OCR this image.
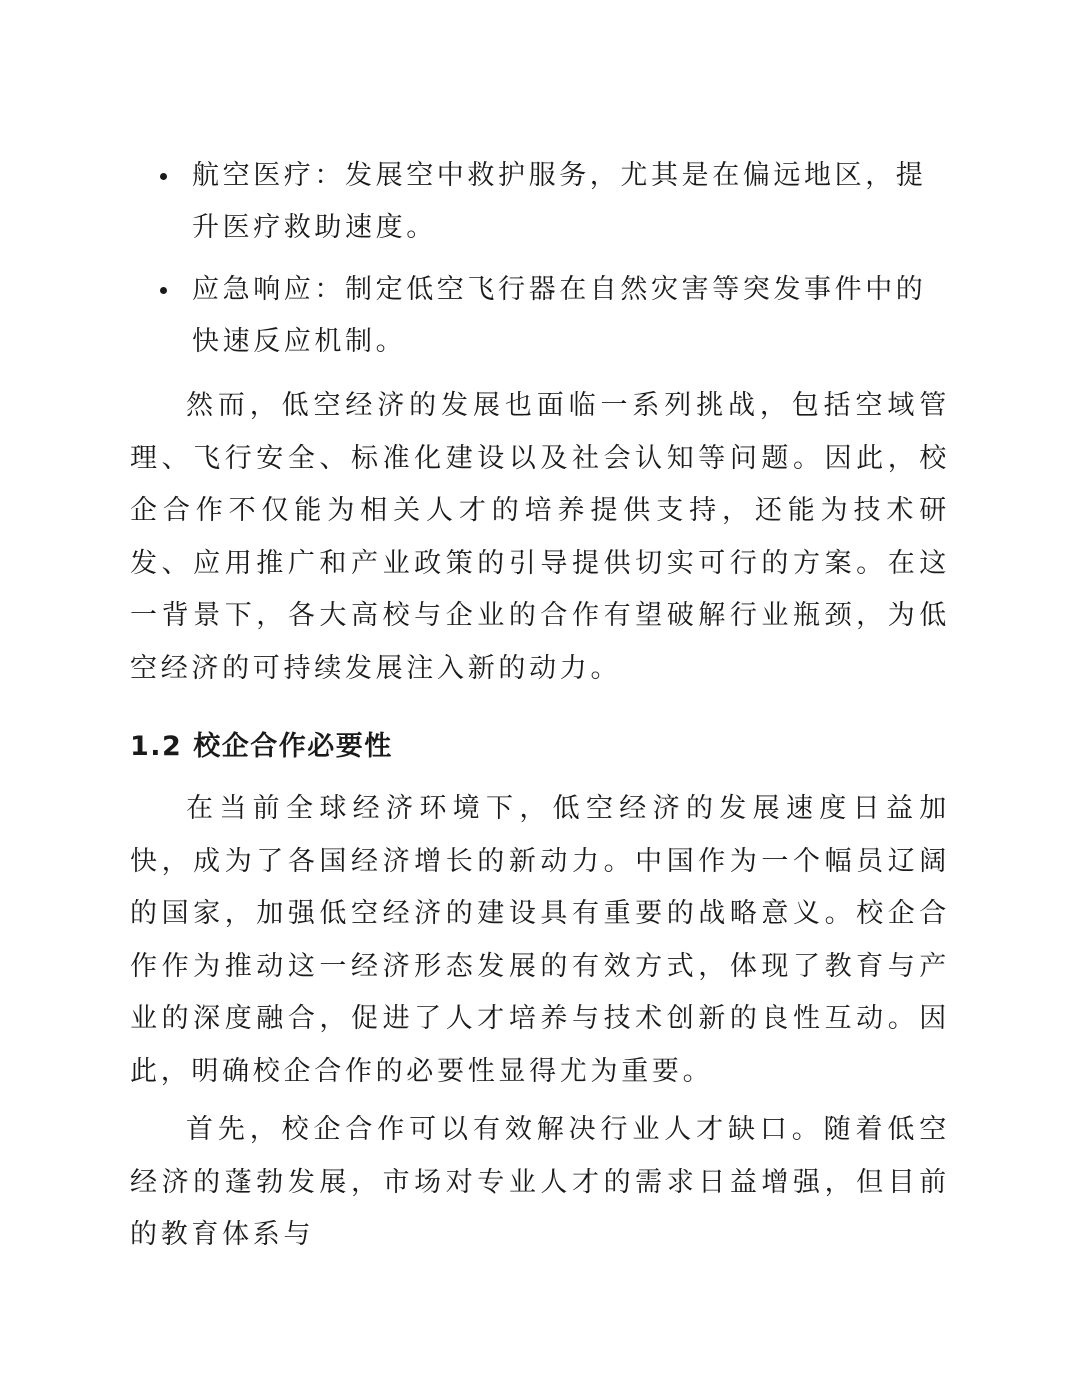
航空医疗：发展空中救护服务，尤其是在偏远地区，提升医疗救助速度。
应急响应：制定低空飞行器在自然灾害等突发事件中的快速反应机制。

然而，低空经济的发展也面临一系列挑战，包括空域管理、飞行安全、标准化建设以及社会认知等问题。因此，校企合作不仅能为相关人才的培养提供支持，还能为技术研发、应用推广和产业政策的引导提供切实可行的方案。在这一背景下，各大高校与企业的合作有望破解行业瓶颈，为低空经济的可持续发展注入新的动力。

1.2 校企合作必要性

在当前全球经济环境下，低空经济的发展速度日益加快，成为了各国经济增长的新动力。中国作为一个幅员辽阔的国家，加强低空经济的建设具有重要的战略意义。校企合作作为推动这一经济形态发展的有效方式，体现了教育与产业的深度融合，促进了人才培养与技术创新的良性互动。因此，明确校企合作的必要性显得尤为重要。

首先，校企合作可以有效解决行业人才缺口。随着低空经济的蓬勃发展，市场对专业人才的需求日益增强，但目前的教育体系与
